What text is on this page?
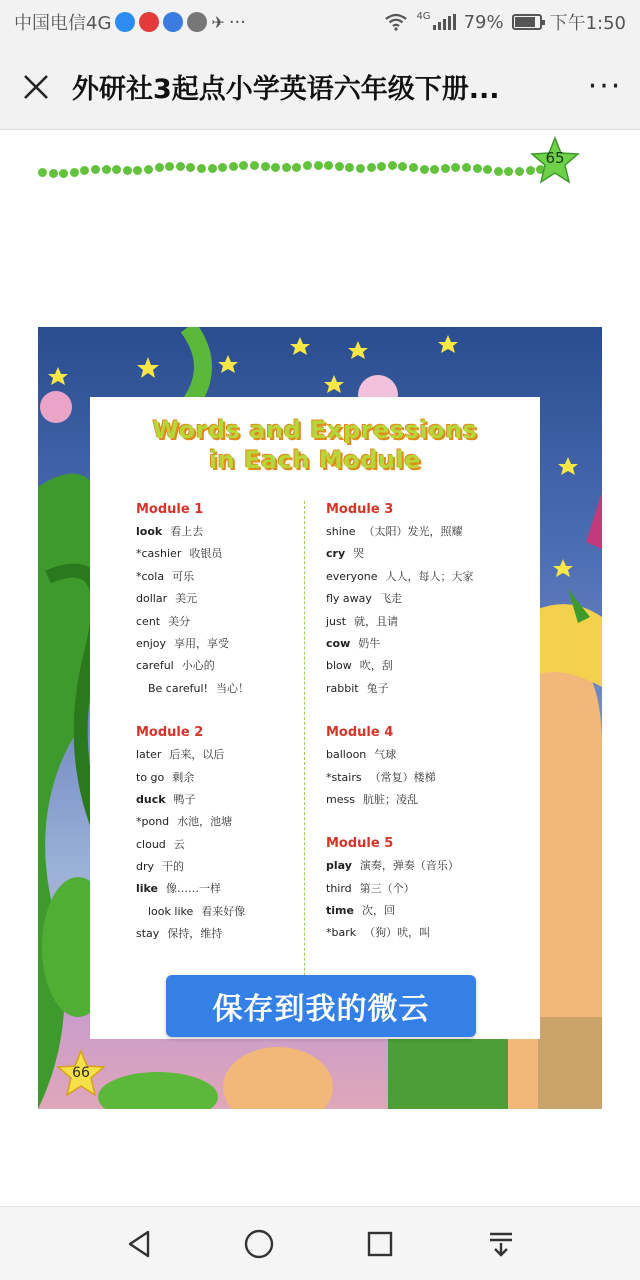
中国电信4G	✈ ···	4G 79%	下午1:50
外研社3起点小学英语六年级下册...	···
65
Words and Expressions
in Each Module
Module 1
look 看上去
*cashier 收银员
*cola 可乐
dollar 美元
cent 美分
enjoy 享用，享受
careful 小心的
Be careful! 当心！
Module 2
later 后来，以后
to go 剩余
duck 鸭子
*pond 水池，池塘
cloud 云
dry 干的
like 像……一样
look like 看来好像
stay 保持，维持
Module 3
shine （太阳）发光，照耀
cry 哭
everyone 人人，每人；大家
fly away 飞走
just 就，且请
cow 奶牛
blow 吹，刮
rabbit 兔子
Module 4
balloon 气球
*stairs （常复）楼梯
mess 肮脏；凌乱
Module 5
play 演奏，弹奏（音乐）
third 第三（个）
time 次，回
*bark （狗）吠，叫
66
保存到我的微云
